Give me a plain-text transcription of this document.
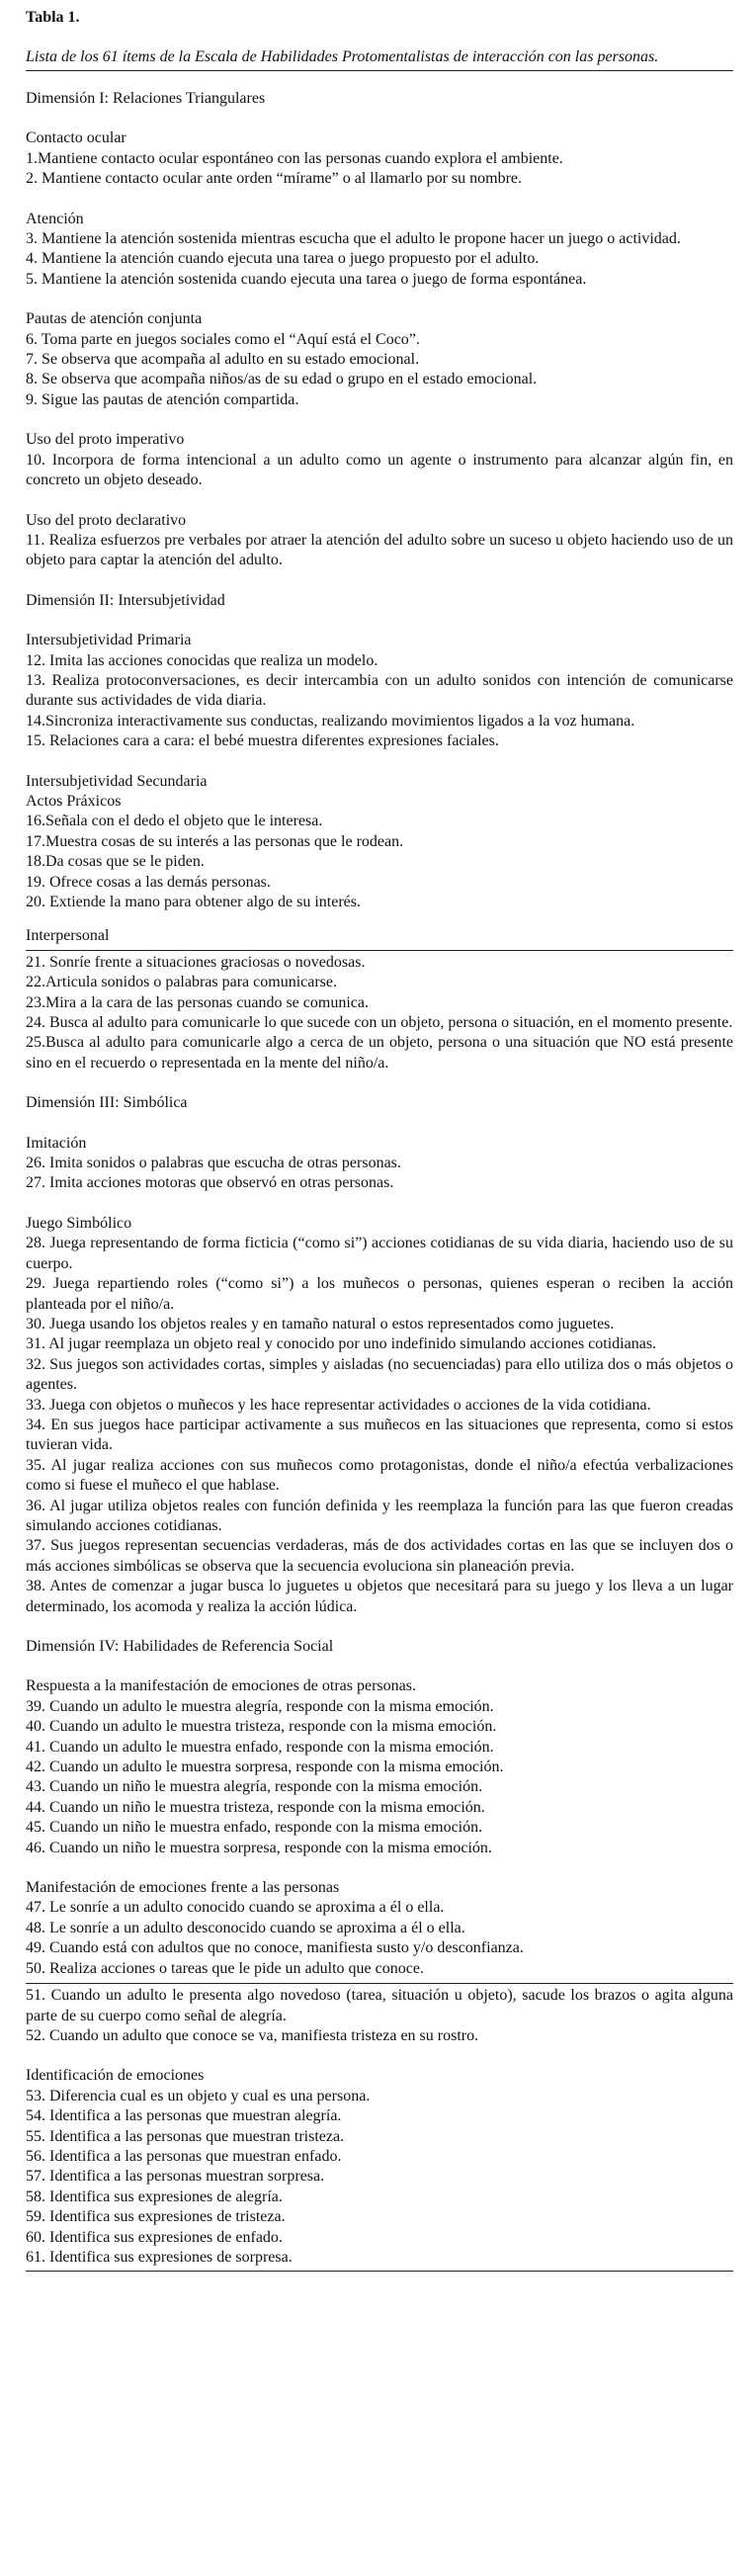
Tabla 1.
Lista de los 61 ítems de la Escala de Habilidades Protomentalistas de interacción con las personas.
Dimensión I: Relaciones Triangulares
Contacto ocular
1.Mantiene contacto ocular espontáneo con las personas cuando explora el ambiente.
2. Mantiene contacto ocular ante orden “mírame” o al llamarlo por su nombre.
Atención
3. Mantiene la atención sostenida mientras escucha que el adulto le propone hacer un juego o actividad.
4. Mantiene la atención cuando ejecuta una tarea o juego propuesto por el adulto.
5. Mantiene la atención sostenida cuando ejecuta una tarea o juego de forma espontánea.
Pautas de atención conjunta
6. Toma parte en juegos sociales como el “Aquí está el Coco”.
7. Se observa que acompaña al adulto en su estado emocional.
8. Se observa que acompaña niños/as de su edad o grupo en el estado emocional.
9. Sigue las pautas de atención compartida.
Uso del proto imperativo
10. Incorpora de forma intencional a un adulto como un agente o instrumento para alcanzar algún fin, en concreto un objeto deseado.
Uso del proto declarativo
11. Realiza esfuerzos pre verbales por atraer la atención del adulto sobre un suceso u objeto haciendo uso de un objeto para captar la atención del adulto.
Dimensión II: Intersubjetividad
Intersubjetividad Primaria
12. Imita las acciones conocidas que realiza un modelo.
13. Realiza protoconversaciones, es decir intercambia con un adulto sonidos con intención de comunicarse durante sus actividades de vida diaria.
14.Sincroniza interactivamente sus conductas, realizando movimientos ligados a la voz humana.
15. Relaciones cara a cara: el bebé muestra diferentes expresiones faciales.
Intersubjetividad Secundaria
Actos Práxicos
16.Señala con el dedo el objeto que le interesa.
17.Muestra cosas de su interés a las personas que le rodean.
18.Da cosas que se le piden.
19. Ofrece cosas a las demás personas.
20. Extiende la mano para obtener algo de su interés.
Interpersonal
21. Sonríe frente a situaciones graciosas o novedosas.
22.Articula sonidos o palabras para comunicarse.
23.Mira a la cara de las personas cuando se comunica.
24. Busca al adulto para comunicarle lo que sucede con un objeto, persona o situación, en el momento presente.
25.Busca al adulto para comunicarle algo a cerca de un objeto, persona o una situación que NO está presente sino en el recuerdo o representada en la mente del niño/a.
Dimensión III: Simbólica
Imitación
26. Imita sonidos o palabras que escucha de otras personas.
27. Imita acciones motoras que observó en otras personas.
Juego Simbólico
28. Juega representando de forma ficticia (“como si”) acciones cotidianas de su vida diaria, haciendo uso de su cuerpo.
29. Juega repartiendo roles (“como si”) a los muñecos o personas, quienes esperan o reciben la acción planteada por el niño/a.
30. Juega usando los objetos reales y en tamaño natural o estos representados como juguetes.
31. Al jugar reemplaza un objeto real y conocido por uno indefinido simulando acciones cotidianas.
32. Sus juegos son actividades cortas, simples y aisladas (no secuenciadas) para ello utiliza dos o más objetos o agentes.
33. Juega con objetos o muñecos y les hace representar actividades o acciones de la vida cotidiana.
34. En sus juegos hace participar activamente a sus muñecos en las situaciones que representa, como si estos tuvieran vida.
35. Al jugar realiza acciones con sus muñecos como protagonistas, donde el niño/a efectúa verbalizaciones como si fuese el muñeco el que hablase.
36. Al jugar utiliza objetos reales con función definida y les reemplaza la función para las que fueron creadas simulando acciones cotidianas.
37. Sus juegos representan secuencias verdaderas, más de dos actividades cortas en las que se incluyen dos o más acciones simbólicas se observa que la secuencia evoluciona sin planeación previa.
38. Antes de comenzar a jugar busca lo juguetes u objetos que necesitará para su juego y los lleva a un lugar determinado, los acomoda y realiza la acción lúdica.
Dimensión IV: Habilidades de Referencia Social
Respuesta a la manifestación de emociones de otras personas.
39. Cuando un adulto le muestra alegría, responde con la misma emoción.
40. Cuando un adulto le muestra tristeza, responde con la misma emoción.
41. Cuando un adulto le muestra enfado, responde con la misma emoción.
42. Cuando un adulto le muestra sorpresa, responde con la misma emoción.
43. Cuando un niño le muestra alegría, responde con la misma emoción.
44. Cuando un niño le muestra tristeza, responde con la misma emoción.
45. Cuando un niño le muestra enfado, responde con la misma emoción.
46. Cuando un niño le muestra sorpresa, responde con la misma emoción.
Manifestación de emociones frente a las personas
47. Le sonríe a un adulto conocido cuando se aproxima a él o ella.
48. Le sonríe a un adulto desconocido cuando se aproxima a él o ella.
49. Cuando está con adultos que no conoce, manifiesta susto y/o desconfianza.
50. Realiza acciones o tareas que le pide un adulto que conoce.
51. Cuando un adulto le presenta algo novedoso (tarea, situación u objeto), sacude los brazos o agita alguna parte de su cuerpo como señal de alegría.
52. Cuando un adulto que conoce se va, manifiesta tristeza en su rostro.
Identificación de emociones
53. Diferencia cual es un objeto y cual es una persona.
54. Identifica a las personas que muestran alegría.
55. Identifica a las personas que muestran tristeza.
56. Identifica a las personas que muestran enfado.
57. Identifica a las personas muestran sorpresa.
58. Identifica sus expresiones de alegría.
59. Identifica sus expresiones de tristeza.
60. Identifica sus expresiones de enfado.
61. Identifica sus expresiones de sorpresa.
